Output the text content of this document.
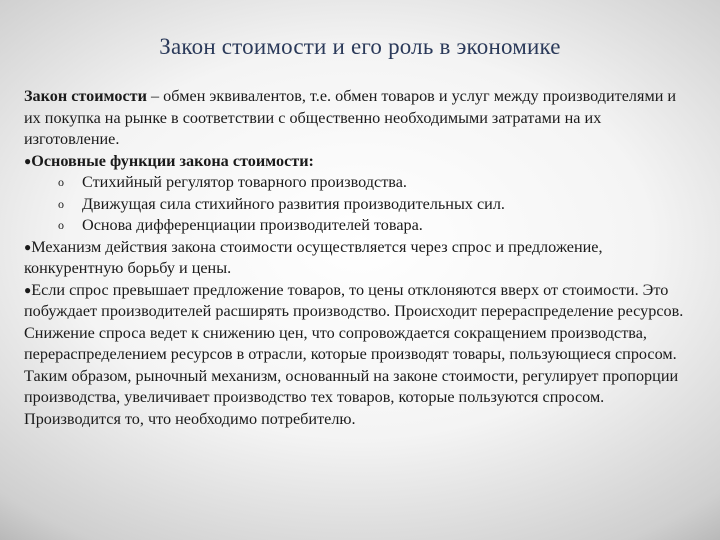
Закон стоимости и его роль в экономике

Закон стоимости – обмен эквивалентов, т.е. обмен товаров и услуг между производителями и их покупка на рынке в соответствии с общественно необходимыми затратами на их изготовление.

●Основные функции закона стоимости:

o Стихийный регулятор товарного производства.

o Движущая сила стихийного развития производительных сил.

o Основа дифференциации производителей товара.

●Механизм действия закона стоимости осуществляется через спрос и предложение, конкурентную борьбу и цены.

●Если спрос превышает предложение товаров, то цены отклоняются вверх от стоимости. Это побуждает производителей расширять производство. Происходит перераспределение ресурсов. Снижение спроса ведет к снижению цен, что сопровождается сокращением производства, перераспределением ресурсов в отрасли, которые производят товары, пользующиеся спросом. Таким образом, рыночный механизм, основанный на законе стоимости, регулирует пропорции производства, увеличивает производство тех товаров, которые пользуются спросом. Производится то, что необходимо потребителю.
